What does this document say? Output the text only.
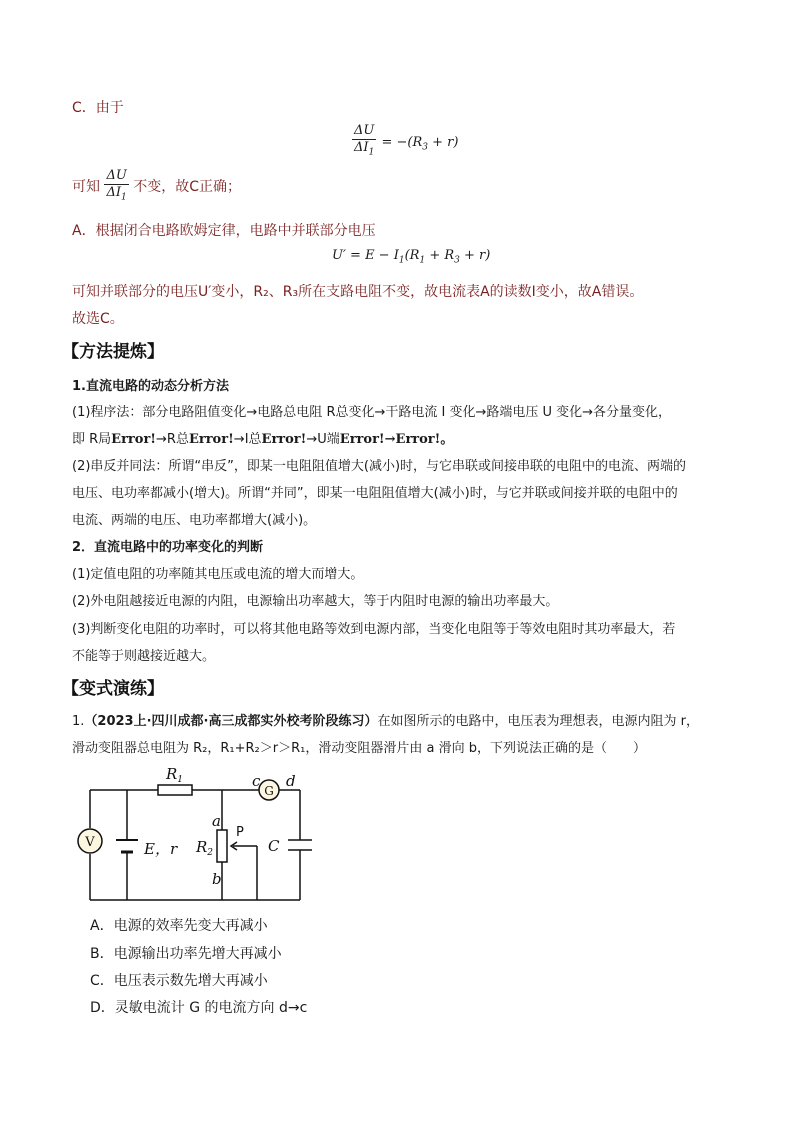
C．由于
$\frac{\Delta U}{\Delta I_1} = -(R_3 + r)$
可知 $\frac{\Delta U}{\Delta I_1}$ 不变，故C正确；
A．根据闭合电路欧姆定律，电路中并联部分电压
$U' = E - I_1(R_1 + R_3 + r)$
可知并联部分的电压U′变小，R₂、R₃所在支路电阻不变，故电流表A的读数I变小，故A错误。
故选C。
【方法提炼】
1.直流电路的动态分析方法
(1)程序法：部分电路阻值变化→电路总电阻 R总变化→干路电流 I 变化→路端电压 U 变化→各分量变化，
即 R局Error!→R总Error!→I总Error!→U端Error!→Error!。
(2)串反并同法：所谓“串反”，即某一电阻阻值增大(减小)时，与它串联或间接串联的电阻中的电流、两端的
电压、电功率都减小(增大)。所谓“并同”，即某一电阻阻值增大(减小)时，与它并联或间接并联的电阻中的
电流、两端的电压、电功率都增大(减小)。
2．直流电路中的功率变化的判断
(1)定值电阻的功率随其电压或电流的增大而增大。
(2)外电阻越接近电源的内阻，电源输出功率越大，等于内阻时电源的输出功率最大。
(3)判断变化电阻的功率时，可以将其他电路等效到电源内部，当变化电阻等于等效电阻时其功率最大，若
不能等于则越接近越大。
【变式演练】
1.（2023上·四川成都·高三成都实外校考阶段练习）在如图所示的电路中，电压表为理想表，电源内阻为 r，
滑动变阻器总电阻为 R₂，R₁+R₂＞r＞R₁，滑动变阻器滑片由 a 滑向 b，下列说法正确的是（　　）
V
G
$R_1$
E，r $R_2$
a
b
c d
C
P
A．电源的效率先变大再减小
B．电源输出功率先增大再减小
C．电压表示数先增大再减小
D．灵敏电流计 G 的电流方向 d→c
